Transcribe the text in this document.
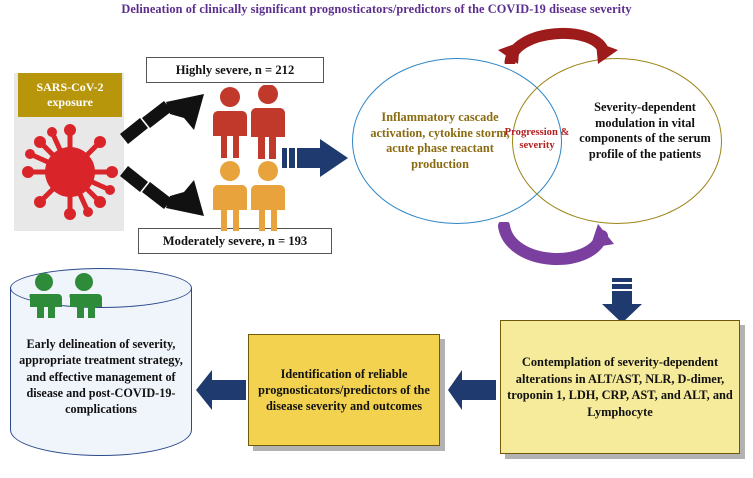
Delineation of clinically significant prognosticators/predictors of the COVID-19 disease severity
SARS-CoV-2 exposure
Highly severe, n = 212
Moderately severe, n = 193
Inflammatory cascade activation, cytokine storm, acute phase reactant production
Severity-dependent modulation in vital components of the serum profile of the patients
Progression & severity
Contemplation of severity-dependent alterations in ALT/AST, NLR, D-dimer, troponin 1, LDH, CRP, AST, and ALT, and Lymphocyte
Identification of reliable prognosticators/predictors of the disease severity and outcomes
Early delineation of severity, appropriate treatment strategy, and effective management of disease and post-COVID-19-complications
